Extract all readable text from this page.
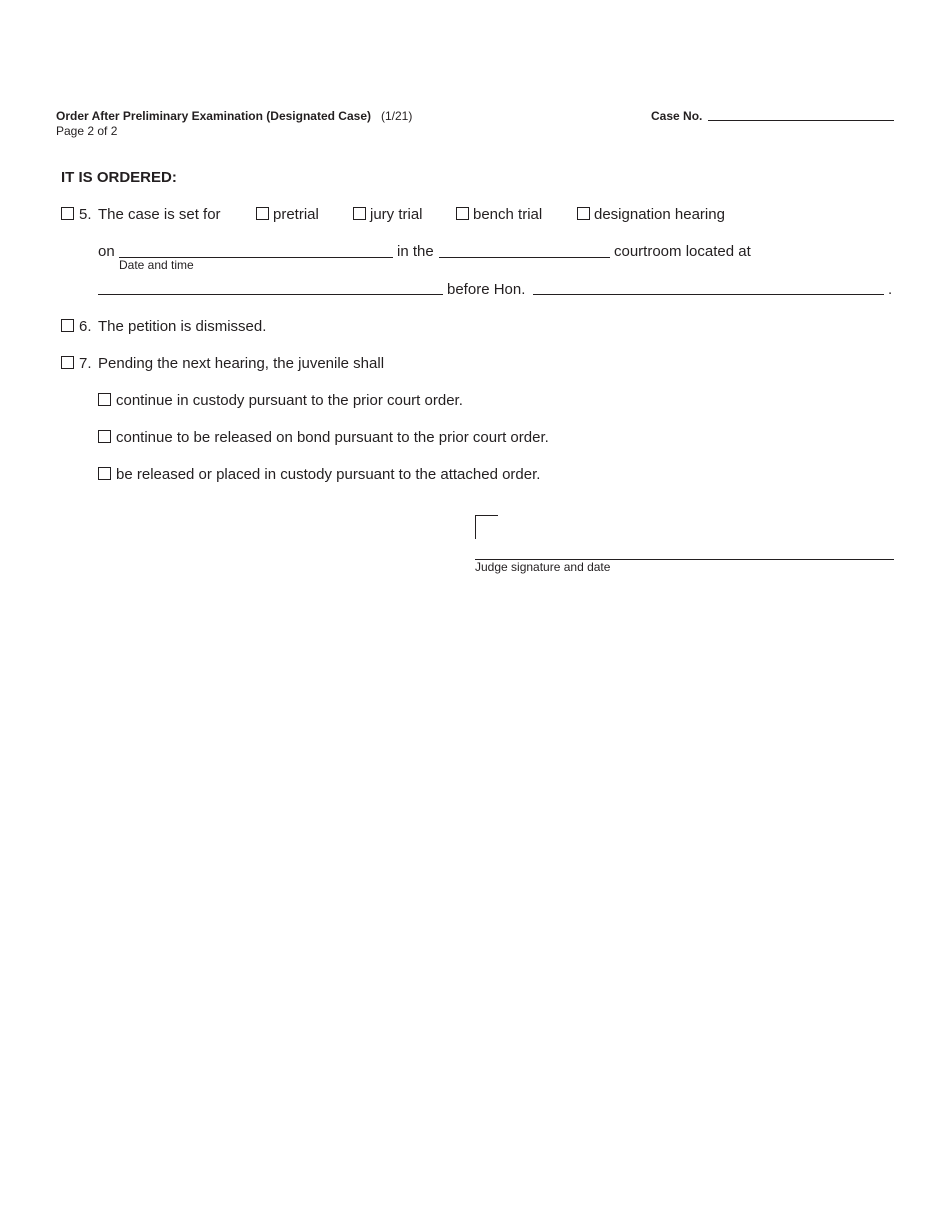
Order After Preliminary Examination (Designated Case) (1/21)
Page 2 of 2
Case No.
IT IS ORDERED:
5. The case is set for	pretrial	jury trial	bench trial	designation hearing
on
Date and time
in the	courtroom located at
before Hon.	.
6. The petition is dismissed.
7. Pending the next hearing, the juvenile shall
continue in custody pursuant to the prior court order.
continue to be released on bond pursuant to the prior court order.
be released or placed in custody pursuant to the attached order.
Judge signature and date
